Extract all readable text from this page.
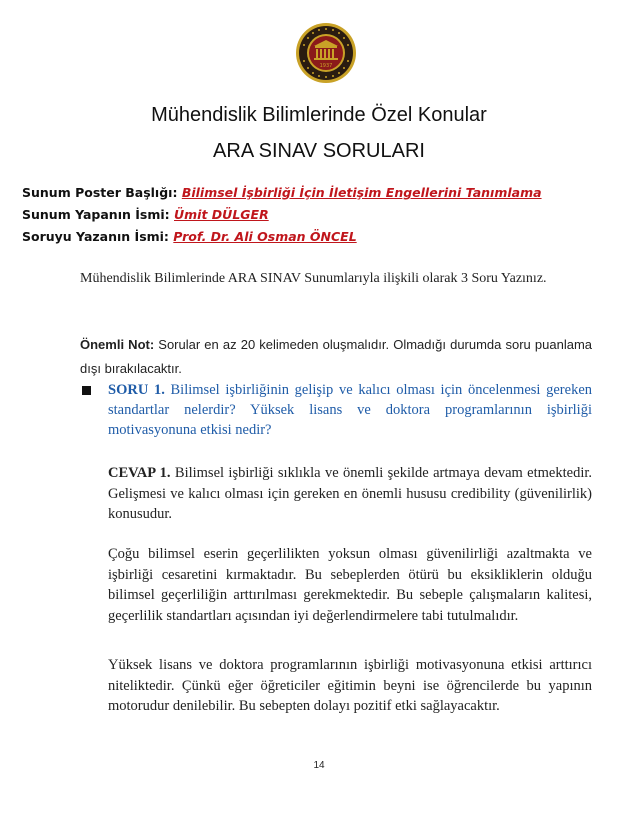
1937
Mühendislik Bilimlerinde Özel Konular
ARA SINAV SORULARI
Sunum Poster Başlığı: Bilimsel İşbirliği İçin İletişim Engellerini Tanımlama
Sunum Yapanın İsmi: Ümit DÜLGER
Soruyu Yazanın İsmi: Prof. Dr. Ali Osman ÖNCEL
Mühendislik Bilimlerinde ARA SINAV Sunumlarıyla ilişkili olarak 3 Soru Yazınız.
Önemli Not: Sorular en az 20 kelimeden oluşmalıdır. Olmadığı durumda soru puanlama dışı bırakılacaktır.
SORU 1. Bilimsel işbirliğinin gelişip ve kalıcı olması için öncelenmesi gereken standartlar nelerdir? Yüksek lisans ve doktora programlarının işbirliği motivasyonuna etkisi nedir?
CEVAP 1. Bilimsel işbirliği sıklıkla ve önemli şekilde artmaya devam etmektedir. Gelişmesi ve kalıcı olması için gereken en önemli hususu credibility (güvenilirlik) konusudur.
Çoğu bilimsel eserin geçerlilikten yoksun olması güvenilirliği azaltmakta ve işbirliği cesaretini kırmaktadır. Bu sebeplerden ötürü bu eksikliklerin olduğu bilimsel geçerliliğin arttırılması gerekmektedir. Bu sebeple çalışmaların kalitesi, geçerlilik standartları açısından iyi değerlendirmelere tabi tutulmalıdır.
Yüksek lisans ve doktora programlarının işbirliği motivasyonuna etkisi arttırıcı niteliktedir. Çünkü eğer öğreticiler eğitimin beyni ise öğrencilerde bu yapının motorudur denilebilir. Bu sebepten dolayı pozitif etki sağlayacaktır.
14
